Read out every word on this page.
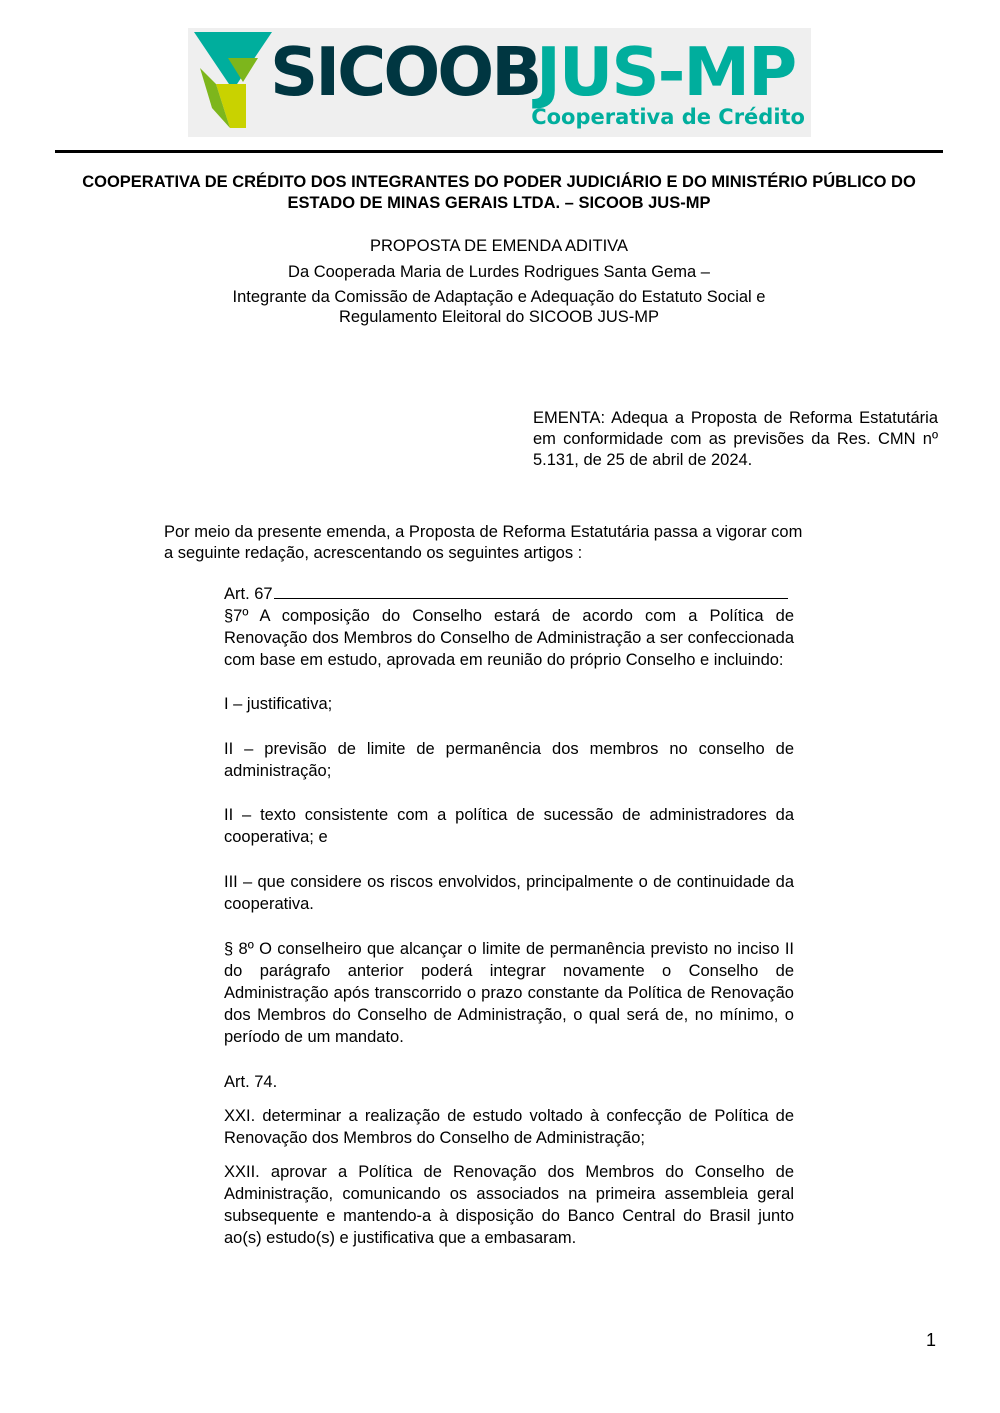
SICOOB
JUS-MP
Cooperativa de Crédito
COOPERATIVA DE CRÉDITO DOS INTEGRANTES DO PODER JUDICIÁRIO E DO MINISTÉRIO PÚBLICO DO ESTADO DE MINAS GERAIS LTDA. – SICOOB JUS-MP
PROPOSTA DE EMENDA ADITIVA
Da Cooperada Maria de Lurdes Rodrigues Santa Gema –
Integrante da Comissão de Adaptação e Adequação do Estatuto Social e
Regulamento Eleitoral do SICOOB JUS-MP
EMENTA: Adequa a Proposta de Reforma Estatutária em conformidade com as previsões da Res. CMN nº 5.131, de 25 de abril de 2024.
Por meio da presente emenda, a Proposta de Reforma Estatutária passa a vigorar com a seguinte redação, acrescentando os seguintes artigos :
Art. 67
§7º A composição do Conselho estará de acordo com a Política de Renovação dos Membros do Conselho de Administração a ser confeccionada com base em estudo, aprovada em reunião do próprio Conselho e incluindo:
I – justificativa;
II – previsão de limite de permanência dos membros no conselho de administração;
II – texto consistente com a política de sucessão de administradores da cooperativa; e
III – que considere os riscos envolvidos, principalmente o de continuidade da cooperativa.
§ 8º O conselheiro que alcançar o limite de permanência previsto no inciso II do parágrafo anterior poderá integrar novamente o Conselho de Administração após transcorrido o prazo constante da Política de Renovação dos Membros do Conselho de Administração, o qual será de, no mínimo, o período de um mandato.
Art. 74.
XXI. determinar a realização de estudo voltado à confecção de Política de Renovação dos Membros do Conselho de Administração;
XXII. aprovar a Política de Renovação dos Membros do Conselho de Administração, comunicando os associados na primeira assembleia geral subsequente e mantendo-a à disposição do Banco Central do Brasil junto ao(s) estudo(s) e justificativa que a embasaram.
1
